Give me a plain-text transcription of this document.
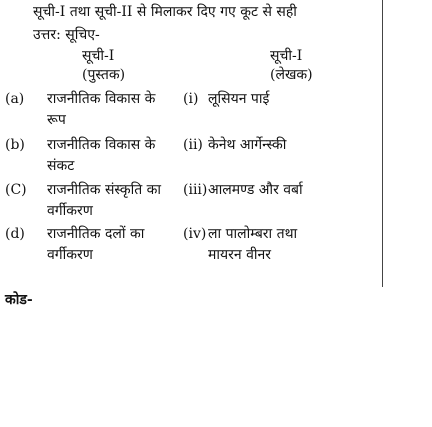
सूची-I तथा सूची-II से मिलाकर दिए गए कूट से सही
उत्तर: सूचिए-
सूची-I
(पुस्तक)
सूची-I
(लेखक)
(a) राजनीतिक विकास के
रूप
(i) लूसियन पाई
(b) राजनीतिक विकास के
संकट
(ii) केनेथ आर्गेन्स्की
(C) राजनीतिक संस्कृति का
वर्गीकरण
(iii) आलमण्ड और वर्बा
(d) राजनीतिक दलों का
वर्गीकरण
(iv) ला पालोम्बरा तथा
मायरन वीनर
कोड-
